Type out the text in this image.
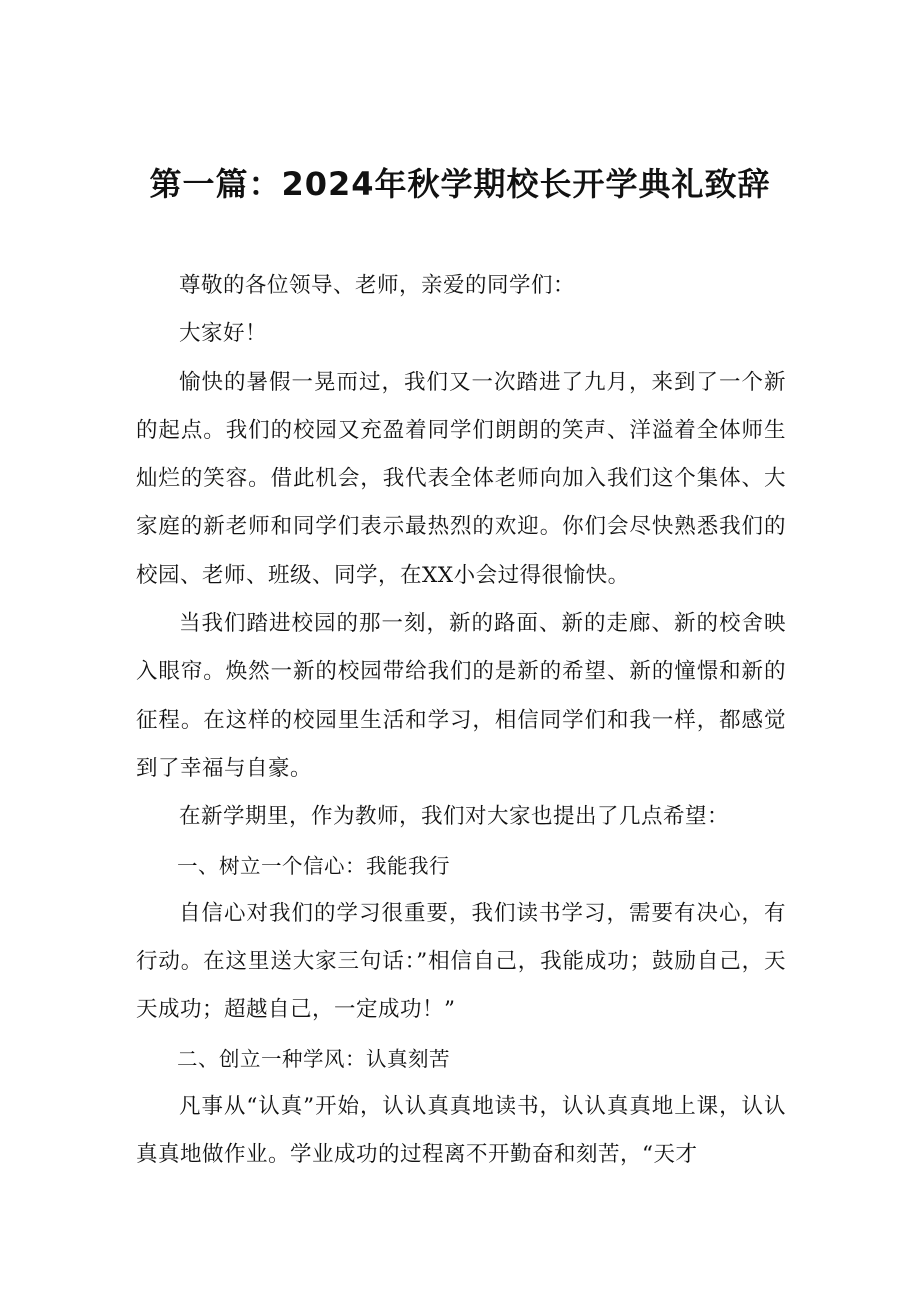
第一篇：2024年秋学期校长开学典礼致辞

尊敬的各位领导、老师，亲爱的同学们：

大家好！

愉快的暑假一晃而过，我们又一次踏进了九月，来到了一个新的起点。我们的校园又充盈着同学们朗朗的笑声、洋溢着全体师生灿烂的笑容。借此机会，我代表全体老师向加入我们这个集体、大家庭的新老师和同学们表示最热烈的欢迎。你们会尽快熟悉我们的校园、老师、班级、同学，在XX小会过得很愉快。

当我们踏进校园的那一刻，新的路面、新的走廊、新的校舍映入眼帘。焕然一新的校园带给我们的是新的希望、新的憧憬和新的征程。在这样的校园里生活和学习，相信同学们和我一样，都感觉到了幸福与自豪。

在新学期里，作为教师，我们对大家也提出了几点希望：

一、树立一个信心：我能我行

自信心对我们的学习很重要，我们读书学习，需要有决心，有行动。在这里送大家三句话：”相信自己，我能成功；鼓励自己，天天成功；超越自己，一定成功！”

二、创立一种学风：认真刻苦

凡事从“认真”开始，认认真真地读书，认认真真地上课，认认真真地做作业。学业成功的过程离不开勤奋和刻苦，“天才
